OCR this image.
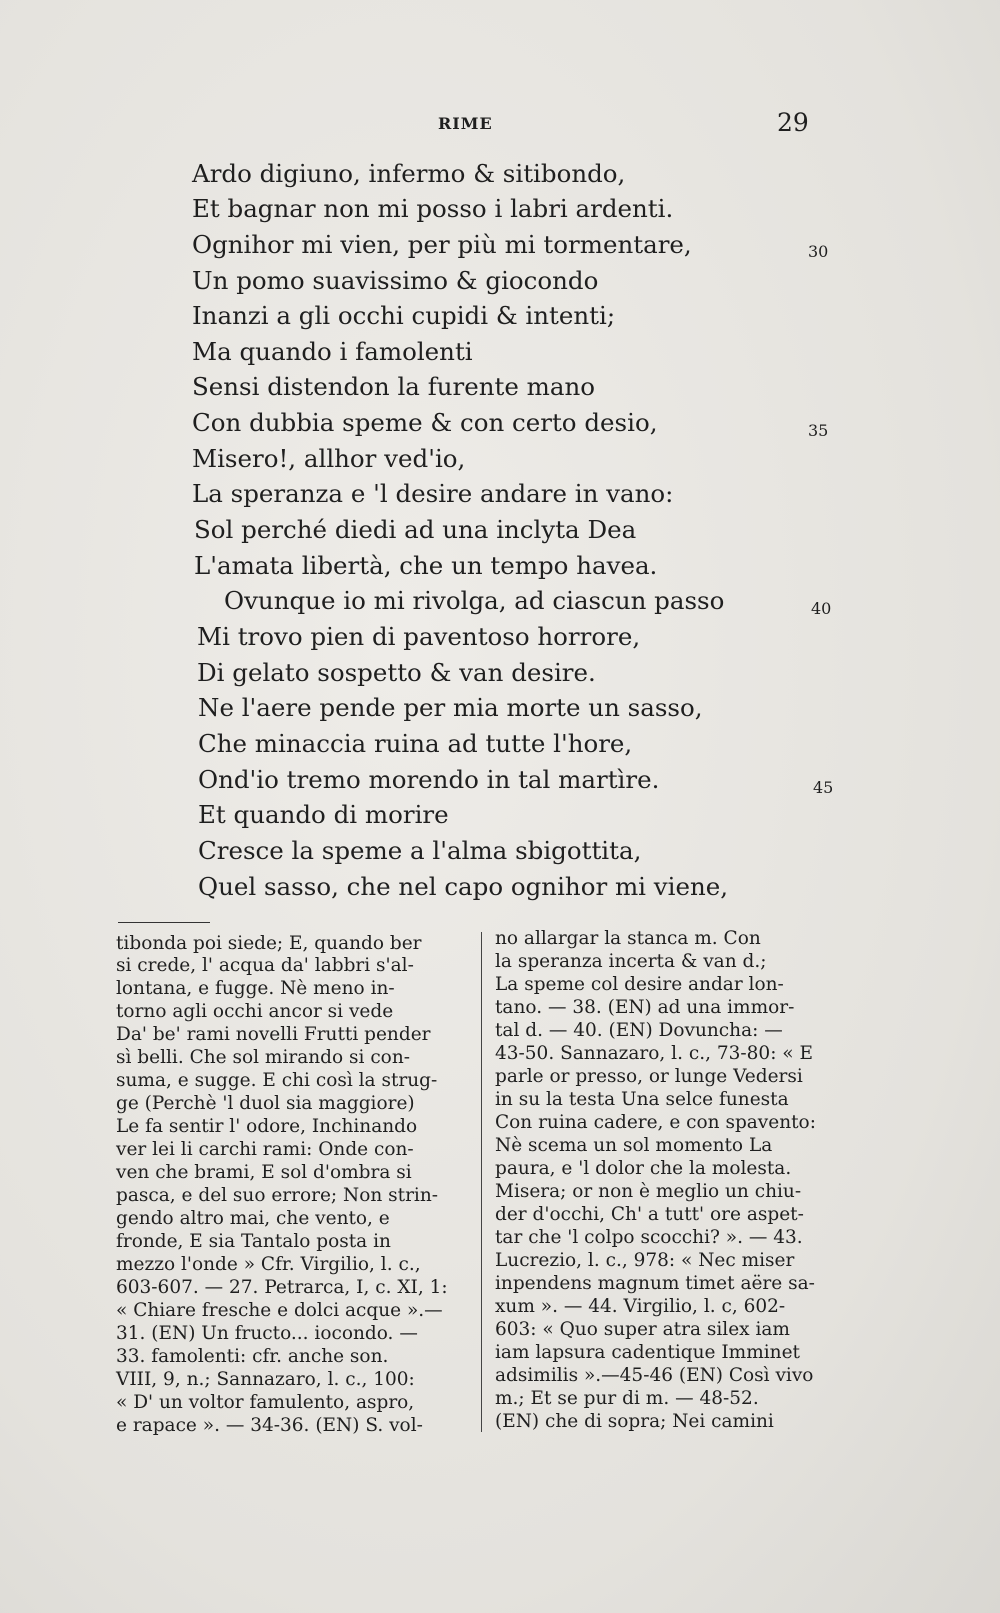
RIME	29
Ardo digiuno, infermo & sitibondo,
Et bagnar non mi posso i labri ardenti.
Ognihor mi vien, per più mi tormentare,
Un pomo suavissimo & giocondo
Inanzi a gli occhi cupidi & intenti;
Ma quando i famolenti
Sensi distendon la furente mano
Con dubbia speme & con certo desio,
Misero!, allhor ved'io,
La speranza e 'l desire andare in vano:
Sol perché diedi ad una inclyta Dea
L'amata libertà, che un tempo havea.
Ovunque io mi rivolga, ad ciascun passo
Mi trovo pien di paventoso horrore,
Di gelato sospetto & van desire.
Ne l'aere pende per mia morte un sasso,
Che minaccia ruina ad tutte l'hore,
Ond'io tremo morendo in tal martìre.
Et quando di morire
Cresce la speme a l'alma sbigottita,
Quel sasso, che nel capo ognihor mi viene,
30
35
40
45
tibonda poi siede; E, quando ber
si crede, l' acqua da' labbri s'al-
lontana, e fugge. Nè meno in-
torno agli occhi ancor si vede
Da' be' rami novelli Frutti pender
sì belli. Che sol mirando si con-
suma, e sugge. E chi così la strug-
ge (Perchè 'l duol sia maggiore)
Le fa sentir l' odore, Inchinando
ver lei li carchi rami: Onde con-
ven che brami, E sol d'ombra si
pasca, e del suo errore; Non strin-
gendo altro mai, che vento, e
fronde, E sia Tantalo posta in
mezzo l'onde » Cfr. Virgilio, l. c.,
603-607. — 27. Petrarca, I, c. XI, 1:
« Chiare fresche e dolci acque ».—
31. (EN) Un fructo... iocondo. —
33. famolenti: cfr. anche son.
VIII, 9, n.; Sannazaro, l. c., 100:
« D' un voltor famulento, aspro,
e rapace ». — 34-36. (EN) S. vol-
no allargar la stanca m. Con
la speranza incerta & van d.;
La speme col desire andar lon-
tano. — 38. (EN) ad una immor-
tal d. — 40. (EN) Dovuncha: —
43-50. Sannazaro, l. c., 73-80: « E
parle or presso, or lunge Vedersi
in su la testa Una selce funesta
Con ruina cadere, e con spavento:
Nè scema un sol momento La
paura, e 'l dolor che la molesta.
Misera; or non è meglio un chiu-
der d'occhi, Ch' a tutt' ore aspet-
tar che 'l colpo scocchi? ». — 43.
Lucrezio, l. c., 978: « Nec miser
inpendens magnum timet aëre sa-
xum ». — 44. Virgilio, l. c, 602-
603: « Quo super atra silex iam
iam lapsura cadentique Imminet
adsimilis ».—45-46 (EN) Così vivo
m.; Et se pur di m. — 48-52.
(EN) che di sopra; Nei camini
